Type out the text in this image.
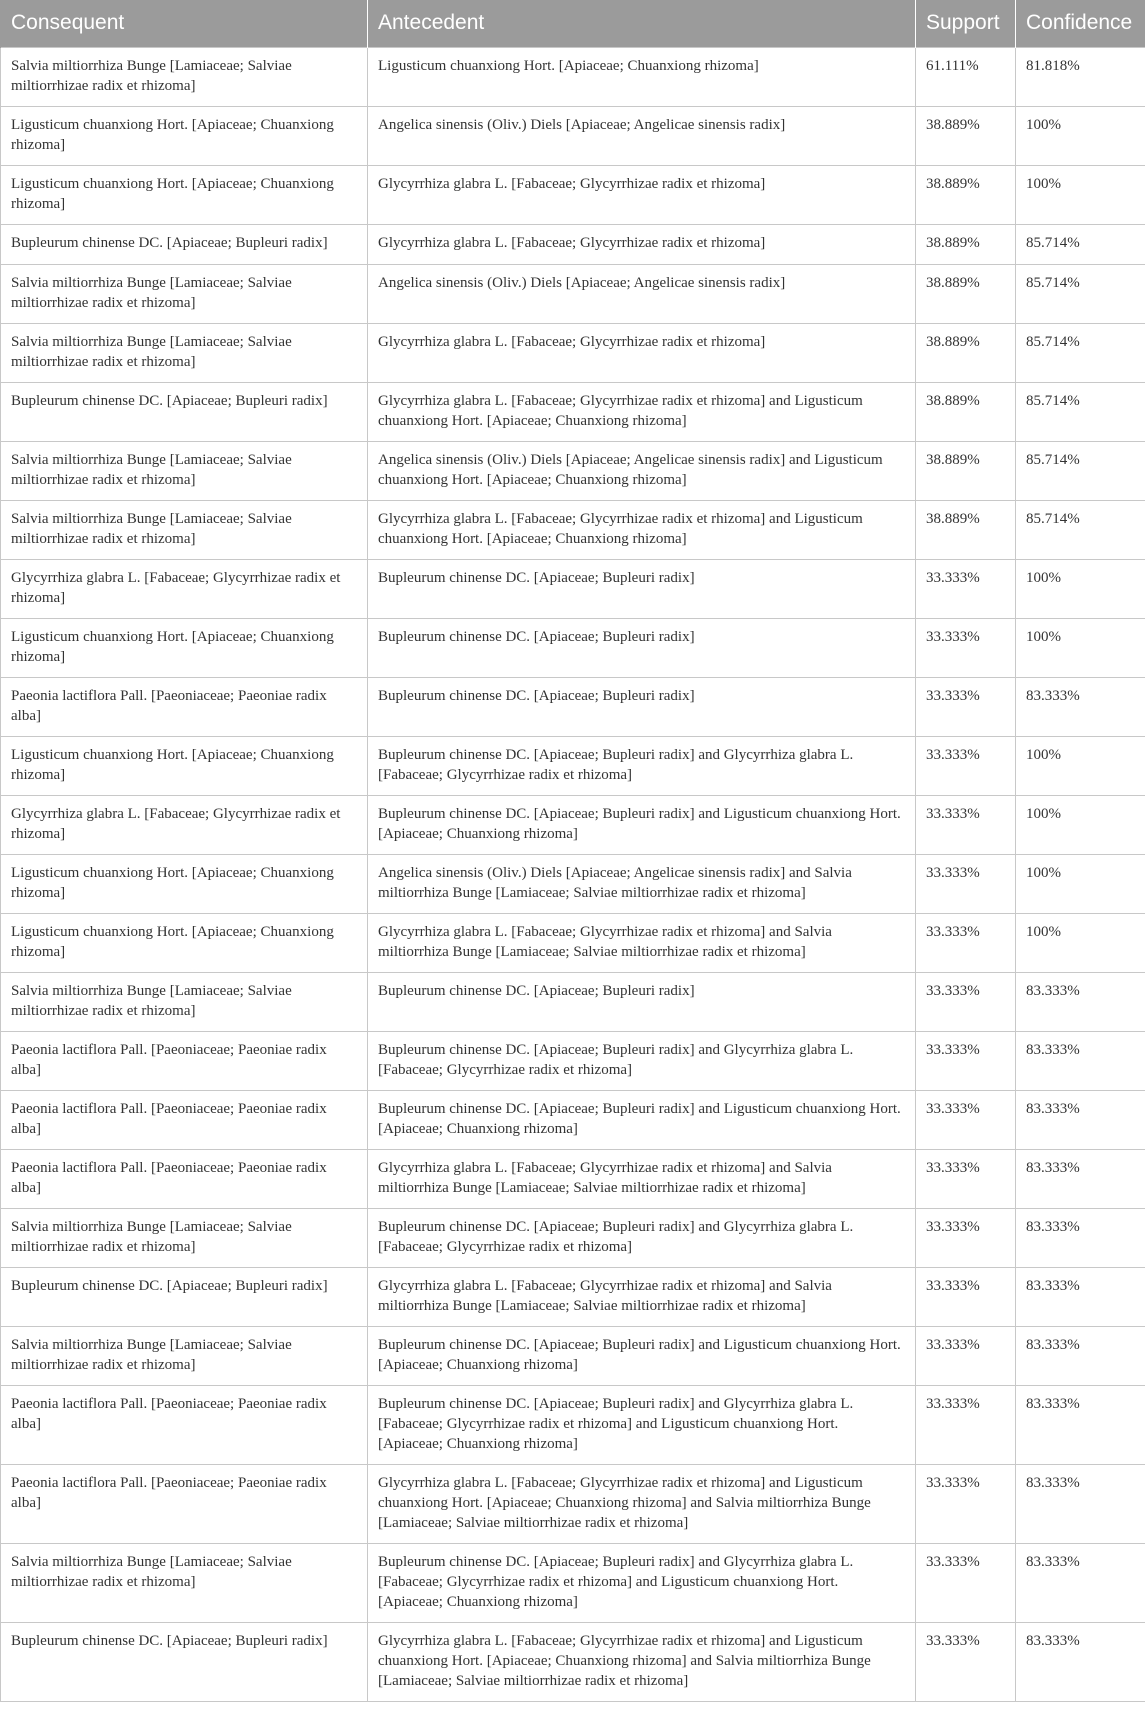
Consequent	Antecedent	Support	Confidence
Salvia miltiorrhiza Bunge [Lamiaceae; Salviae miltiorrhizae radix et rhizoma]	Ligusticum chuanxiong Hort. [Apiaceae; Chuanxiong rhizoma]	61.111%	81.818%
Ligusticum chuanxiong Hort. [Apiaceae; Chuanxiong rhizoma]	Angelica sinensis (Oliv.) Diels [Apiaceae; Angelicae sinensis radix]	38.889%	100%
Ligusticum chuanxiong Hort. [Apiaceae; Chuanxiong rhizoma]	Glycyrrhiza glabra L. [Fabaceae; Glycyrrhizae radix et rhizoma]	38.889%	100%
Bupleurum chinense DC. [Apiaceae; Bupleuri radix]	Glycyrrhiza glabra L. [Fabaceae; Glycyrrhizae radix et rhizoma]	38.889%	85.714%
Salvia miltiorrhiza Bunge [Lamiaceae; Salviae miltiorrhizae radix et rhizoma]	Angelica sinensis (Oliv.) Diels [Apiaceae; Angelicae sinensis radix]	38.889%	85.714%
Salvia miltiorrhiza Bunge [Lamiaceae; Salviae miltiorrhizae radix et rhizoma]	Glycyrrhiza glabra L. [Fabaceae; Glycyrrhizae radix et rhizoma]	38.889%	85.714%
Bupleurum chinense DC. [Apiaceae; Bupleuri radix]	Glycyrrhiza glabra L. [Fabaceae; Glycyrrhizae radix et rhizoma] and Ligusticum chuanxiong Hort. [Apiaceae; Chuanxiong rhizoma]	38.889%	85.714%
Salvia miltiorrhiza Bunge [Lamiaceae; Salviae miltiorrhizae radix et rhizoma]	Angelica sinensis (Oliv.) Diels [Apiaceae; Angelicae sinensis radix] and Ligusticum chuanxiong Hort. [Apiaceae; Chuanxiong rhizoma]	38.889%	85.714%
Salvia miltiorrhiza Bunge [Lamiaceae; Salviae miltiorrhizae radix et rhizoma]	Glycyrrhiza glabra L. [Fabaceae; Glycyrrhizae radix et rhizoma] and Ligusticum chuanxiong Hort. [Apiaceae; Chuanxiong rhizoma]	38.889%	85.714%
Glycyrrhiza glabra L. [Fabaceae; Glycyrrhizae radix et rhizoma]	Bupleurum chinense DC. [Apiaceae; Bupleuri radix]	33.333%	100%
Ligusticum chuanxiong Hort. [Apiaceae; Chuanxiong rhizoma]	Bupleurum chinense DC. [Apiaceae; Bupleuri radix]	33.333%	100%
Paeonia lactiflora Pall. [Paeoniaceae; Paeoniae radix alba]	Bupleurum chinense DC. [Apiaceae; Bupleuri radix]	33.333%	83.333%
Ligusticum chuanxiong Hort. [Apiaceae; Chuanxiong rhizoma]	Bupleurum chinense DC. [Apiaceae; Bupleuri radix] and Glycyrrhiza glabra L. [Fabaceae; Glycyrrhizae radix et rhizoma]	33.333%	100%
Glycyrrhiza glabra L. [Fabaceae; Glycyrrhizae radix et rhizoma]	Bupleurum chinense DC. [Apiaceae; Bupleuri radix] and Ligusticum chuanxiong Hort. [Apiaceae; Chuanxiong rhizoma]	33.333%	100%
Ligusticum chuanxiong Hort. [Apiaceae; Chuanxiong rhizoma]	Angelica sinensis (Oliv.) Diels [Apiaceae; Angelicae sinensis radix] and Salvia miltiorrhiza Bunge [Lamiaceae; Salviae miltiorrhizae radix et rhizoma]	33.333%	100%
Ligusticum chuanxiong Hort. [Apiaceae; Chuanxiong rhizoma]	Glycyrrhiza glabra L. [Fabaceae; Glycyrrhizae radix et rhizoma] and Salvia miltiorrhiza Bunge [Lamiaceae; Salviae miltiorrhizae radix et rhizoma]	33.333%	100%
Salvia miltiorrhiza Bunge [Lamiaceae; Salviae miltiorrhizae radix et rhizoma]	Bupleurum chinense DC. [Apiaceae; Bupleuri radix]	33.333%	83.333%
Paeonia lactiflora Pall. [Paeoniaceae; Paeoniae radix alba]	Bupleurum chinense DC. [Apiaceae; Bupleuri radix] and Glycyrrhiza glabra L. [Fabaceae; Glycyrrhizae radix et rhizoma]	33.333%	83.333%
Paeonia lactiflora Pall. [Paeoniaceae; Paeoniae radix alba]	Bupleurum chinense DC. [Apiaceae; Bupleuri radix] and Ligusticum chuanxiong Hort. [Apiaceae; Chuanxiong rhizoma]	33.333%	83.333%
Paeonia lactiflora Pall. [Paeoniaceae; Paeoniae radix alba]	Glycyrrhiza glabra L. [Fabaceae; Glycyrrhizae radix et rhizoma] and Salvia miltiorrhiza Bunge [Lamiaceae; Salviae miltiorrhizae radix et rhizoma]	33.333%	83.333%
Salvia miltiorrhiza Bunge [Lamiaceae; Salviae miltiorrhizae radix et rhizoma]	Bupleurum chinense DC. [Apiaceae; Bupleuri radix] and Glycyrrhiza glabra L. [Fabaceae; Glycyrrhizae radix et rhizoma]	33.333%	83.333%
Bupleurum chinense DC. [Apiaceae; Bupleuri radix]	Glycyrrhiza glabra L. [Fabaceae; Glycyrrhizae radix et rhizoma] and Salvia miltiorrhiza Bunge [Lamiaceae; Salviae miltiorrhizae radix et rhizoma]	33.333%	83.333%
Salvia miltiorrhiza Bunge [Lamiaceae; Salviae miltiorrhizae radix et rhizoma]	Bupleurum chinense DC. [Apiaceae; Bupleuri radix] and Ligusticum chuanxiong Hort. [Apiaceae; Chuanxiong rhizoma]	33.333%	83.333%
Paeonia lactiflora Pall. [Paeoniaceae; Paeoniae radix alba]	Bupleurum chinense DC. [Apiaceae; Bupleuri radix] and Glycyrrhiza glabra L. [Fabaceae; Glycyrrhizae radix et rhizoma] and Ligusticum chuanxiong Hort. [Apiaceae; Chuanxiong rhizoma]	33.333%	83.333%
Paeonia lactiflora Pall. [Paeoniaceae; Paeoniae radix alba]	Glycyrrhiza glabra L. [Fabaceae; Glycyrrhizae radix et rhizoma] and Ligusticum chuanxiong Hort. [Apiaceae; Chuanxiong rhizoma] and Salvia miltiorrhiza Bunge [Lamiaceae; Salviae miltiorrhizae radix et rhizoma]	33.333%	83.333%
Salvia miltiorrhiza Bunge [Lamiaceae; Salviae miltiorrhizae radix et rhizoma]	Bupleurum chinense DC. [Apiaceae; Bupleuri radix] and Glycyrrhiza glabra L. [Fabaceae; Glycyrrhizae radix et rhizoma] and Ligusticum chuanxiong Hort. [Apiaceae; Chuanxiong rhizoma]	33.333%	83.333%
Bupleurum chinense DC. [Apiaceae; Bupleuri radix]	Glycyrrhiza glabra L. [Fabaceae; Glycyrrhizae radix et rhizoma] and Ligusticum chuanxiong Hort. [Apiaceae; Chuanxiong rhizoma] and Salvia miltiorrhiza Bunge [Lamiaceae; Salviae miltiorrhizae radix et rhizoma]	33.333%	83.333%
